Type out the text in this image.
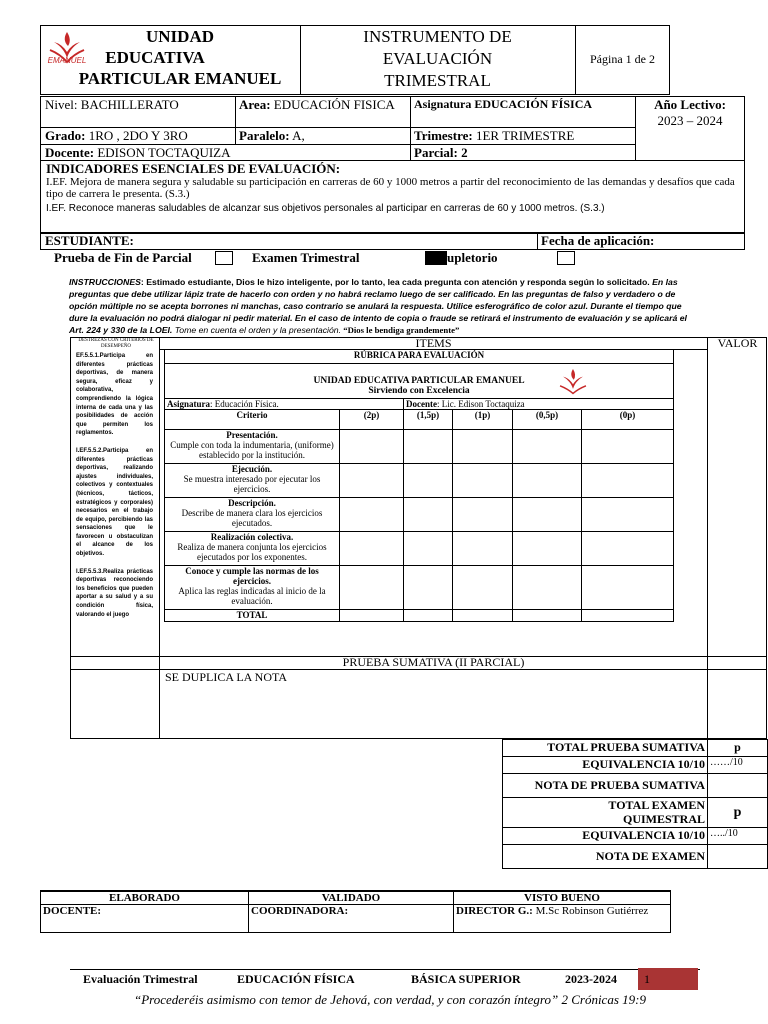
EMANUEL
UNIDAD
EDUCATIVA
PARTICULAR EMANUEL
INSTRUMENTO DE
EVALUACIÓN
TRIMESTRAL
Página 1 de 2
Nivel: BACHILLERATO	Area: EDUCACIÓN FISICA	Asignatura EDUCACIÓN FÍSICA	Año Lectivo:
2023 – 2024
Grado: 1RO , 2DO Y 3RO	Paralelo: A,	Trimestre: 1ER TRIMESTRE
Docente: EDISON TOCTAQUIZA	Parcial: 2
INDICADORES ESENCIALES DE EVALUACIÓN:
I.EF. Mejora de manera segura y saludable su participación en carreras de 60 y 1000 metros a partir del reconocimiento de las demandas y desafíos que cada tipo de carrera le presenta. (S.3.)
I.EF. Reconoce maneras saludables de alcanzar sus objetivos personales al participar en carreras de 60 y 1000 metros. (S.3.)
ESTUDIANTE:	Fecha de aplicación:
Prueba de Fin de Parcial	Examen Trimestral	upletorio
INSTRUCCIONES: Estimado estudiante, Dios le hizo inteligente, por lo tanto, lea cada pregunta con atención y responda según lo solicitado. En las preguntas que debe utilizar lápiz trate de hacerlo con orden y no habrá reclamo luego de ser calificado. En las preguntas de falso y verdadero o de opción múltiple no se acepta borrones ni manchas, caso contrario se anulará la respuesta. Utilice esferográfico de color azul. Durante el tiempo que dure la evaluación no podrá dialogar ni pedir material. En el caso de intento de copia o fraude se retirará el instrumento de evaluación y se aplicará el Art. 224 y 330 de la LOEI. Tome en cuenta el orden y la presentación. “Dios le bendiga grandemente”
DESTREZAS CON CRITERIOS DE DESEMPEÑO	ITEMS	VALOR
EF.5.5.1.Participa en diferentes prácticas deportivas, de manera segura, eficaz y colaborativa, comprendiendo la lógica interna de cada una y las posibilidades de acción que permiten los reglamentos.
I.EF.5.5.2.Participa en diferentes prácticas deportivas, realizando ajustes individuales, colectivos y contextuales (técnicos, tácticos, estratégicos y corporales) necesarios en el trabajo de equipo, percibiendo las sensaciones que le favorecen u obstaculizan el alcance de los objetivos.
I.EF.5.5.3.Realiza prácticas deportivas reconociendo los beneficios que pueden aportar a su salud y a su condición física, valorando el juego
RÚBRICA PARA EVALUACIÓN					

UNIDAD EDUCATIVA PARTICULAR EMANUEL
Sirviendo con Excelencia					

Asignatura: Educación Física.		Docente: Lic. Edison Toctaquiza			
Criterio	(2p)	(1,5p)	(1p)	(0,5p)	(0p)

Presentación.
Cumple con toda la indumentaria, (uniforme) establecido por la institución.					

Ejecución.
Se muestra interesado por ejecutar los ejercicios.					

Descripción.
Describe de manera clara los ejercicios ejecutados.					

Realización colectiva.
Realiza de manera conjunta los ejercicios ejecutados por los exponentes.					

Conoce y cumple las normas de los ejercicios.
Aplica las reglas indicadas al inicio de la evaluación.					

TOTAL					
PRUEBA SUMATIVA (II PARCIAL)
SE DUPLICA LA NOTA
TOTAL PRUEBA SUMATIVA	p
EQUIVALENCIA 10/10	……/10
NOTA DE PRUEBA SUMATIVA	

TOTAL EXAMEN
QUIMESTRAL	p
EQUIVALENCIA 10/10	…../10
NOTA DE EXAMEN	
ELABORADO	VALIDADO	VISTO BUENO
DOCENTE:	COORDINADORA:	DIRECTOR G.: M.Sc Robinson Gutiérrez
Evaluación Trimestral	EDUCACIÓN FÍSICA	BÁSICA SUPERIOR	2023-2024 1
“Procederéis asimismo con temor de Jehová, con verdad, y con corazón íntegro” 2 Crónicas 19:9
